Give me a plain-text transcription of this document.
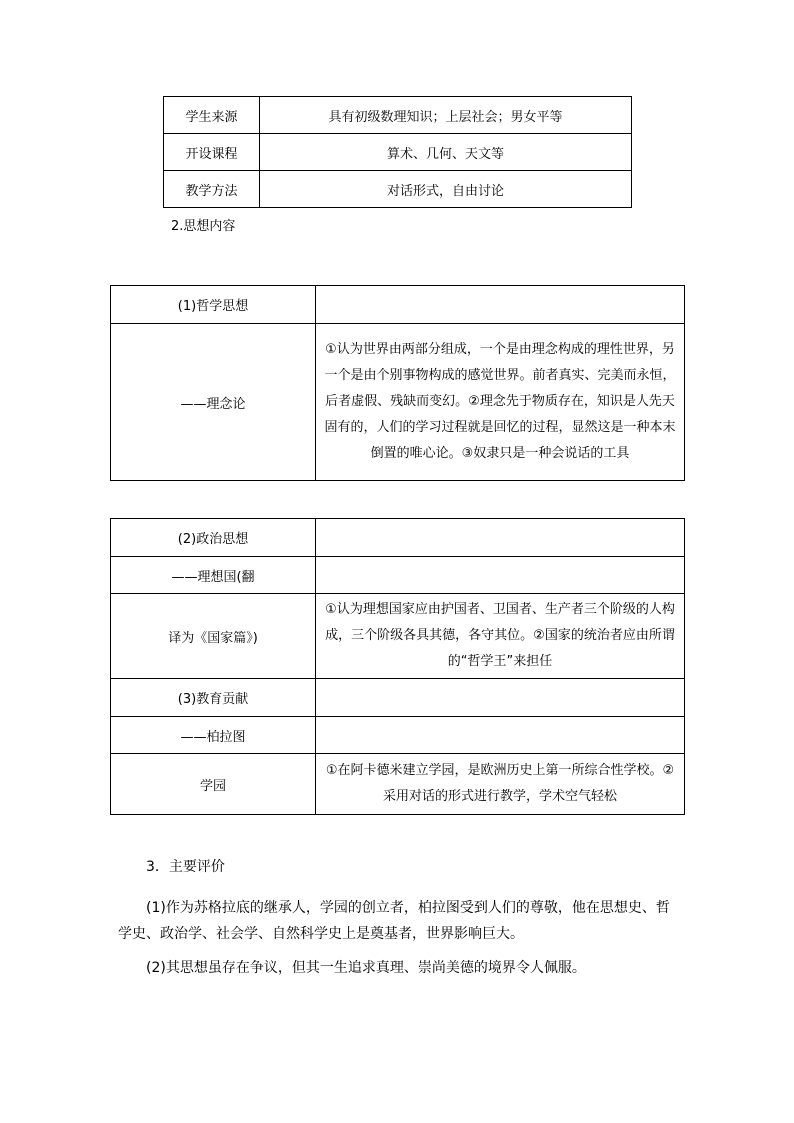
学生来源	具有初级数理知识；上层社会；男女平等
开设课程	算术、几何、天文等
教学方法	对话形式，自由讨论
2.思想内容
(1)哲学思想	
——理念论	①认为世界由两部分组成，一个是由理念构成的理性世界，另一个是由个别事物构成的感觉世界。前者真实、完美而永恒，后者虚假、残缺而变幻。②理念先于物质存在，知识是人先天固有的，人们的学习过程就是回忆的过程，显然这是一种本末倒置的唯心论。③奴隶只是一种会说话的工具
(2)政治思想	
——理想国(翻	
译为《国家篇》)	①认为理想国家应由护国者、卫国者、生产者三个阶级的人构成，三个阶级各具其德，各守其位。②国家的统治者应由所谓的“哲学王”来担任
(3)教育贡献	
——柏拉图	
学园	①在阿卡德米建立学园，是欧洲历史上第一所综合性学校。②采用对话的形式进行教学，学术空气轻松
3．主要评价
(1)作为苏格拉底的继承人，学园的创立者，柏拉图受到人们的尊敬，他在思想史、哲学史、政治学、社会学、自然科学史上是奠基者，世界影响巨大。
(2)其思想虽存在争议，但其一生追求真理、崇尚美德的境界令人佩服。
